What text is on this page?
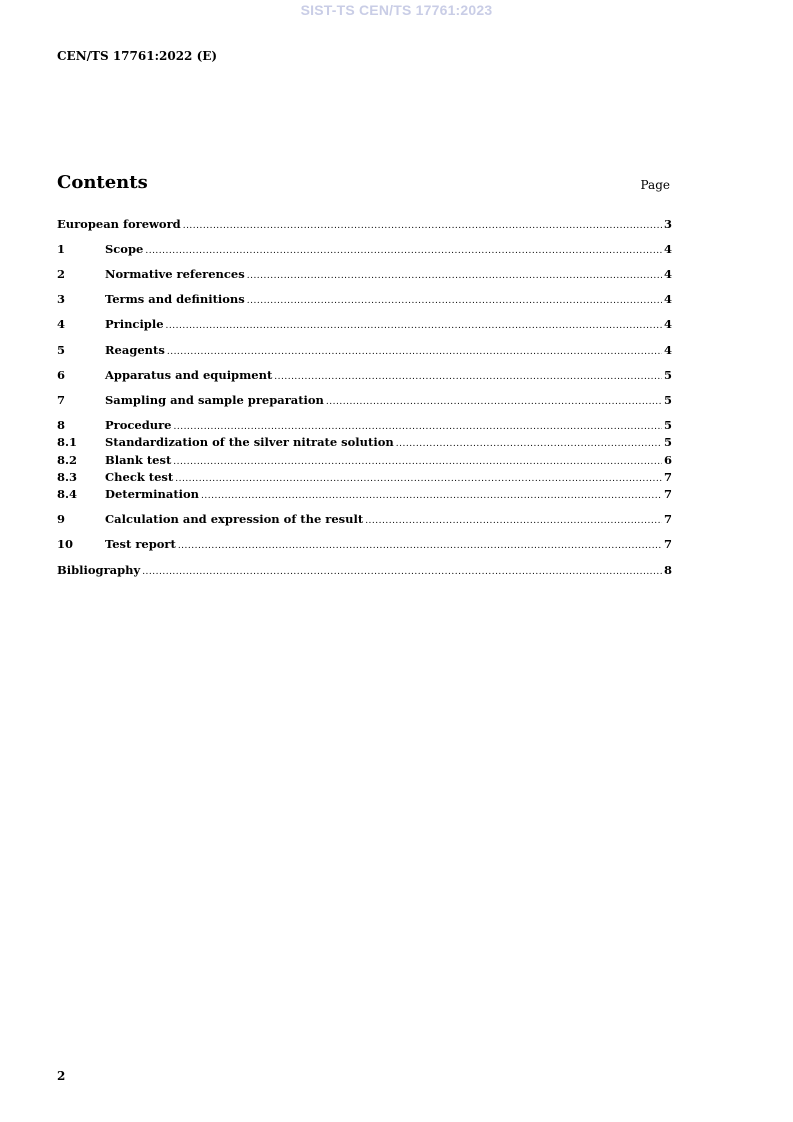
SIST-TS CEN/TS 17761:2023
CEN/TS 17761:2022 (E)
Contents	Page
European foreword .....	3
1	Scope .....	4
2	Normative references .....	4
3	Terms and definitions .....	4
4	Principle .....	4
5	Reagents .....	4
6	Apparatus and equipment .....	5
7	Sampling and sample preparation .....	5
8	Procedure .....	5
8.1	Standardization of the silver nitrate solution .....	5
8.2	Blank test .....	6
8.3	Check test .....	7
8.4	Determination .....	7
9	Calculation and expression of the result .....	7
10	Test report .....	7
Bibliography .....	8
2
